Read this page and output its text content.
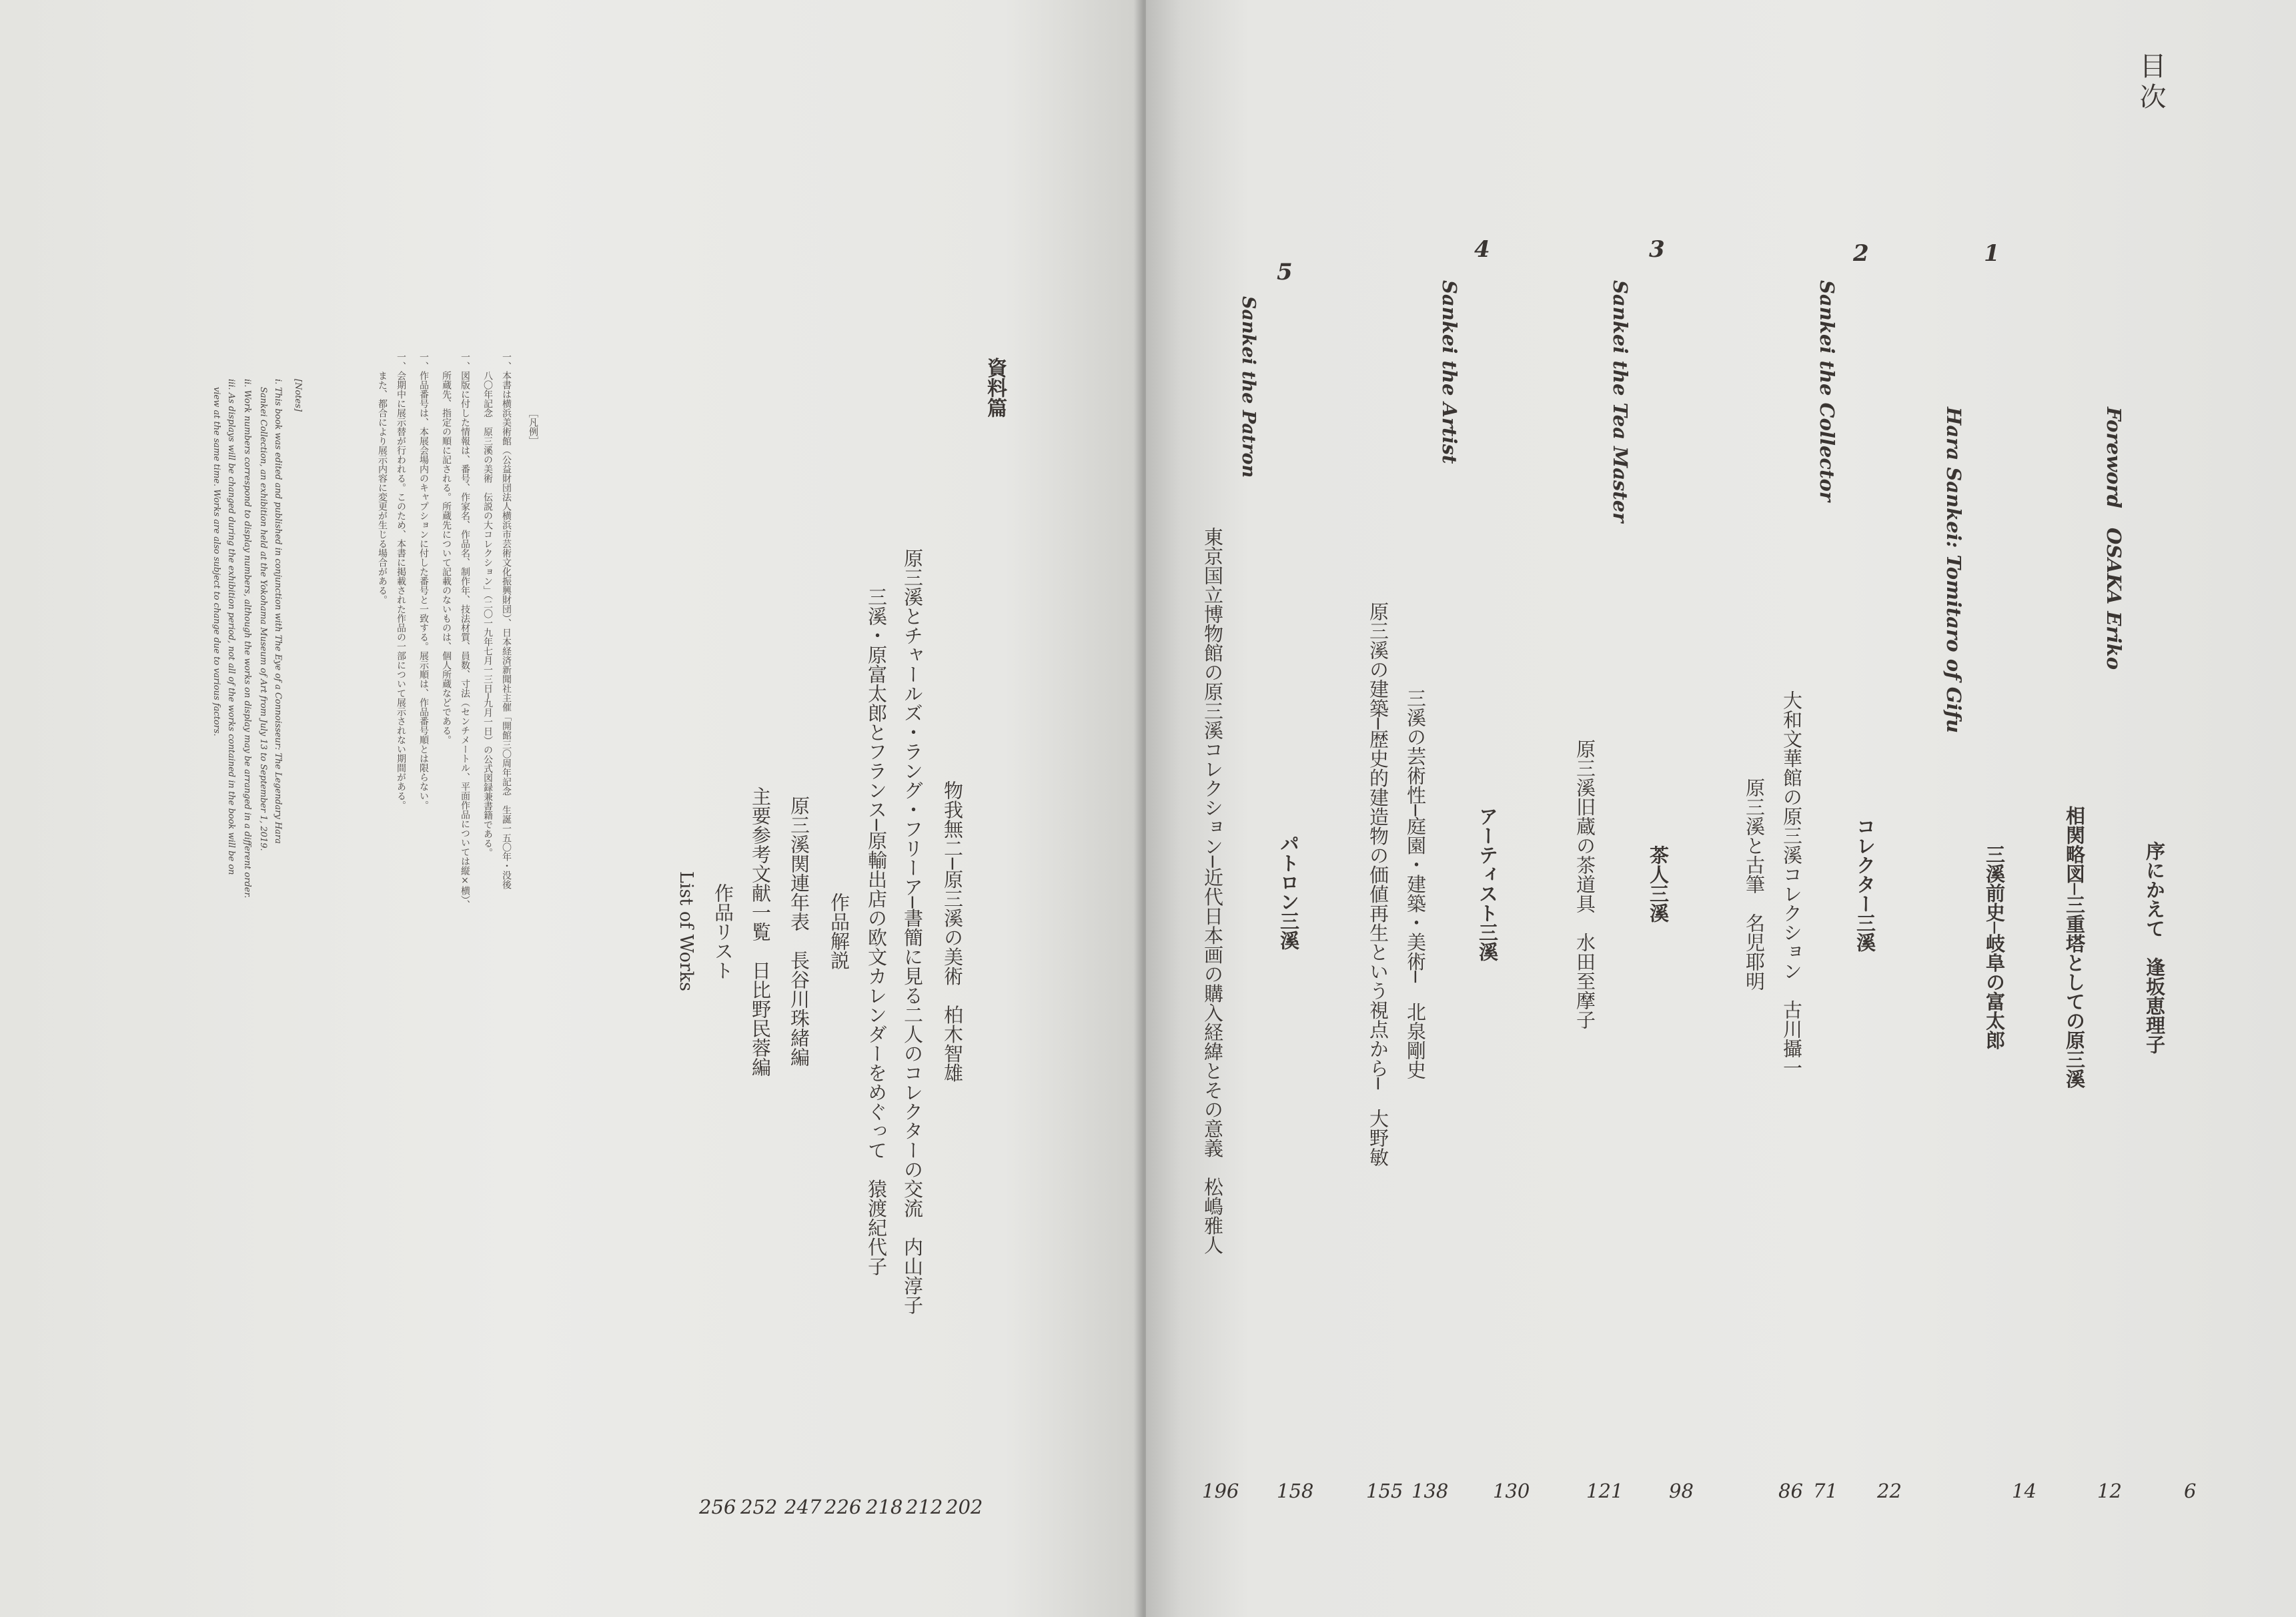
［凡例］
一、本書は横浜美術館（公益財団法人横浜市芸術文化振興財団）、日本経済新聞社主催「開館三〇周年記念　生誕一五〇年・没後
八〇年記念　原三溪の美術　伝説の大コレクション」（二〇一九年七月一三日─九月一日）の公式図録兼書籍である。
一、図版に付した情報は、番号、作家名、作品名、制作年、技法材質、員数、寸法（センチメートル、平面作品については縦×横）、
所蔵先、指定の順に記される。所蔵先について記載のないものは、個人所蔵などである。
一、作品番号は、本展会場内のキャプションに付した番号と一致する。展示順は、作品番号順とは限らない。
一、会期中に展示替が行われる。このため、本書に掲載された作品の一部について展示されない期間がある。
また、都合により展示内容に変更が生じる場合がある。
[Notes]
i. This book was edited and published in conjunction with The Eye of a Connoisseur: The Legendary Hara
Sankei Collection, an exhibition held at the Yokohama Museum of Art from July 13 to September 1, 2019.
ii. Work numbers correspond to display numbers, although the works on display may be arranged in a different order.
iii. As displays will be changed during the exhibition period, not all of the works contained in the book will be on
view at the same time. Works are also subject to change due to various factors.	資料篇
物我無二─原三溪の美術　柏木智雄
202
原三溪とチャールズ・ラング・フリーア─書簡に見る二人のコレクターの交流　内山淳子
212
三溪・原富太郎とフランス─原輸出店の欧文カレンダーをめぐって　猿渡紀代子
218
作品解説
226
原三溪関連年表　長谷川珠緒編
247
主要参考文献一覧　日比野民蓉編
252
作品リスト
List of Works
256
目次
序にかえて　逢坂恵理子
6
Foreword　OSAKA Eriko
相関略図─三重塔としての原三溪
12
1
三溪前史─岐阜の富太郎
14
Hara Sankei: Tomitaro of Gifu
2
コレクター三溪
22
Sankei the Collector
大和文華館の原三溪コレクション　古川攝一
71
原三溪と古筆　名児耶明
86
3
茶人三溪
98
Sankei the Tea Master
原三溪旧蔵の茶道具　水田至摩子
121
4
アーティスト三溪
130
Sankei the Artist
三溪の芸術性─庭園・建築・美術─　北泉剛史
138
原三溪の建築─歴史的建造物の価値再生という視点から─　大野敏
155
5
パトロン三溪
158
Sankei the Patron
東京国立博物館の原三溪コレクション─近代日本画の購入経緯とその意義　松嶋雅人
196
